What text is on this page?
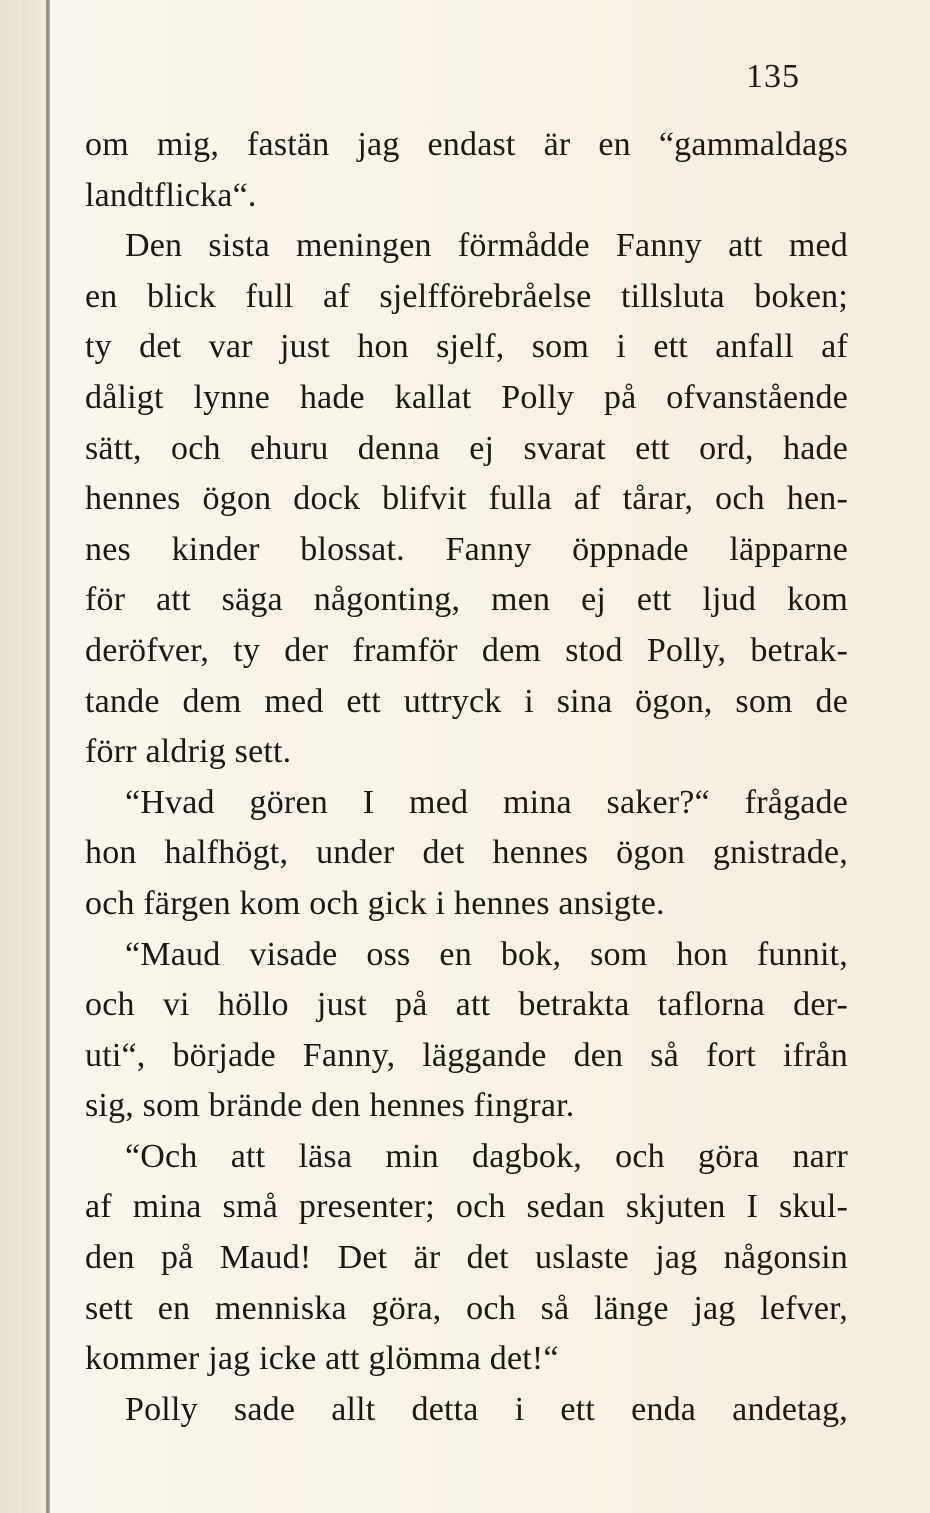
135
om mig, fastän jag endast är en “gammaldags
landtflicka“.
Den sista meningen förmådde Fanny att med
en blick full af sjelfförebråelse tillsluta boken;
ty det var just hon sjelf, som i ett anfall af
dåligt lynne hade kallat Polly på ofvanstående
sätt, och ehuru denna ej svarat ett ord, hade
hennes ögon dock blifvit fulla af tårar, och hen-
nes kinder blossat. Fanny öppnade läpparne
för att säga någonting, men ej ett ljud kom
deröfver, ty der framför dem stod Polly, betrak-
tande dem med ett uttryck i sina ögon, som de
förr aldrig sett.
“Hvad gören I med mina saker?“ frågade
hon halfhögt, under det hennes ögon gnistrade,
och färgen kom och gick i hennes ansigte.
“Maud visade oss en bok, som hon funnit,
och vi höllo just på att betrakta taflorna der-
uti“, började Fanny, läggande den så fort ifrån
sig, som brände den hennes fingrar.
“Och att läsa min dagbok, och göra narr
af mina små presenter; och sedan skjuten I skul-
den på Maud! Det är det uslaste jag någonsin
sett en menniska göra, och så länge jag lefver,
kommer jag icke att glömma det!“
Polly sade allt detta i ett enda andetag,
